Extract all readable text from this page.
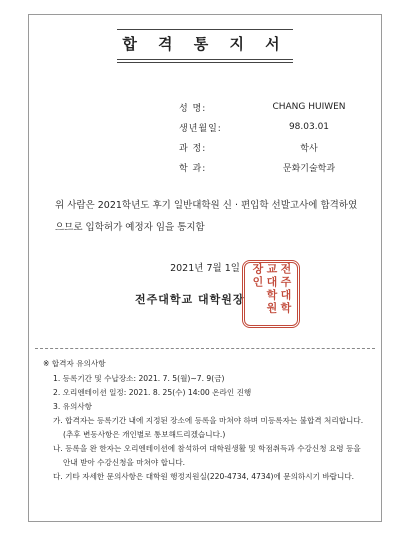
합 격 통 지 서
성 명:	CHANG HUIWEN
생년월일:	98.03.01
과 정:	학사
학 과:	문화기술학과
위 사람은 2021학년도 후기 일반대학원 신 · 편입학 선발고사에 합격하였으므로 입학허가 예정자 임을 통지함
2021년 7월 1일
전주대학교 대학원장	전주대학교대학원장인
※ 합격자 유의사항
1. 등록기간 및 수납장소: 2021. 7. 5(월)~7. 9(금)
2. 오리엔테이션 일정: 2021. 8. 25(수) 14:00 온라인 진행
3. 유의사항
가. 합격자는 등록기간 내에 지정된 장소에 등록을 마쳐야 하며 미등록자는 불합격 처리합니다.(추후 변동사항은 개인별로 통보해드리겠습니다.)
나. 등록을 완 한자는 오리엔테이션에 참석하여 대학원생활 및 학점취득과 수강신청 요령 등을 안내 받아 수강신청을 마쳐야 합니다.
다. 기타 자세한 문의사항은 대학원 행정지원실(220-4734, 4734)에 문의하시기 바랍니다.
